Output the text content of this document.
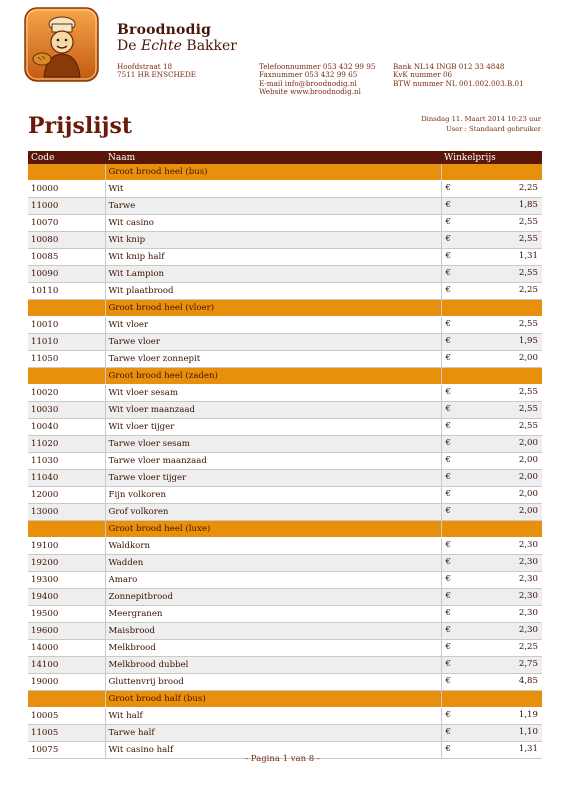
Broodnodig
De Echte Bakker
Hoofdstraat 18
7511 HR ENSCHEDE
Telefoonnummer 053 432 99 95
Faxnummer 053 432 99 65
E-mail info@broodnodig.nl
Website www.broodnodig.nl
Bank NL14 INGB 012 33 4848
KvK nummer 06
BTW nummer NL 001.002.003.B.01
Prijslijst	Dinsdag 11. Maart 2014 10:23 uur
User : Standaard gebruiker
Code	Naam	Winkelprijs
	Groot brood heel (bus)	
10000	Wit	€ 2,25

11000	Tarwe	€ 1,85

10070	Wit casino	€ 2,55

10080	Wit knip	€ 2,55

10085	Wit knip half	€ 1,31

10090	Wit Lampion	€ 2,55

10110	Wit plaatbrood	€ 2,25

	Groot brood heel (vloer)	
10010	Wit vloer	€ 2,55

11010	Tarwe vloer	€ 1,95

11050	Tarwe vloer zonnepit	€ 2,00

	Groot brood heel (zaden)	
10020	Wit vloer sesam	€ 2,55

10030	Wit vloer maanzaad	€ 2,55

10040	Wit vloer tijger	€ 2,55

11020	Tarwe vloer sesam	€ 2,00

11030	Tarwe vloer maanzaad	€ 2,00

11040	Tarwe vloer tijger	€ 2,00

12000	Fijn volkoren	€ 2,00

13000	Grof volkoren	€ 2,00

	Groot brood heel (luxe)	
19100	Waldkorn	€ 2,30

19200	Wadden	€ 2,30

19300	Amaro	€ 2,30

19400	Zonnepitbrood	€ 2,30

19500	Meergranen	€ 2,30

19600	Maisbrood	€ 2,30

14000	Melkbrood	€ 2,25

14100	Melkbrood dubbel	€ 2,75

19000	Gluttenvrij brood	€ 4,85

	Groot brood half (bus)	
10005	Wit half	€ 1,19

11005	Tarwe half	€ 1,10

10075	Wit casino half	€ 1,31
- Pagina 1 van 8 -
